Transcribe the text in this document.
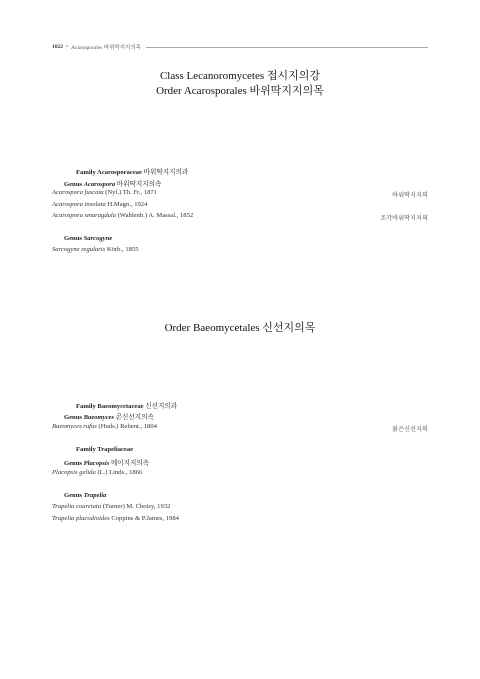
1022 • Acarosporales 바위딱지지의목
Class Lecanoromycetes 접시지의강
Order Acarosporales 바위딱지지의목
Family Acarosporaceae 바위딱지지의과
Genus Acarospora 바위딱지지의속
Acarospora fuscata (Nyl.) Th. Fr., 1871	바위딱지지의
Acarospora insolata H.Magn., 1924
Acarospora smaragdula (Wahlenb.) A. Massal., 1852	조각바위딱지지의
Genus Sarcogyne
Sarcogyne regularis Körb., 1855
Order Baeomycetales 신선지의목
Family Baeomycetaceae 신선지의과
Genus Baeomyces 콘신선지의속
Baeomyces rufus (Huds.) Rebent., 1804	붉은신선지의
Family Trapeliaceae
Genus Placopsis 메이지지의속
Placopsis gelida (L.) Linds., 1866
Genus Trapelia
Trapelia coarctata (Turner) M. Choisy, 1932
Trapelia placodioides Coppins & P.James, 1984
